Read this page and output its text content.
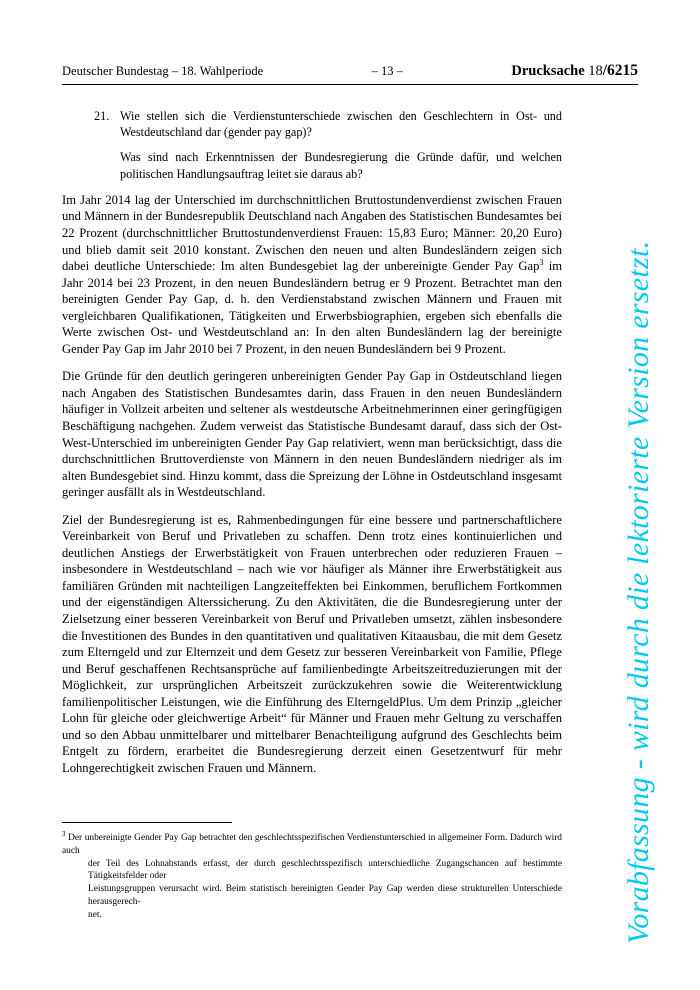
Deutscher Bundestag – 18. Wahlperiode	– 13 –	Drucksache 18/6215
21. Wie stellen sich die Verdienstunterschiede zwischen den Geschlechtern in Ost- und Westdeutschland dar (gender pay gap)?
Was sind nach Erkenntnissen der Bundesregierung die Gründe dafür, und welchen politischen Handlungsauftrag leitet sie daraus ab?

Im Jahr 2014 lag der Unterschied im durchschnittlichen Bruttostundenverdienst zwischen Frauen und Männern in der Bundesrepublik Deutschland nach Angaben des Statistischen Bundesamtes bei 22 Prozent (durchschnittlicher Bruttostundenverdienst Frauen: 15,83 Euro; Männer: 20,20 Euro) und blieb damit seit 2010 konstant. Zwischen den neuen und alten Bundesländern zeigen sich dabei deutliche Unterschiede: Im alten Bundesgebiet lag der unbereinigte Gender Pay Gap$^3$ im Jahr 2014 bei 23 Prozent, in den neuen Bundesländern betrug er 9 Prozent. Betrachtet man den bereinigten Gender Pay Gap, d. h. den Verdienstabstand zwischen Männern und Frauen mit vergleichbaren Qualifikationen, Tätigkeiten und Erwerbsbiographien, ergeben sich ebenfalls die Werte zwischen Ost- und Westdeutschland an: In den alten Bundesländern lag der bereinigte Gender Pay Gap im Jahr 2010 bei 7 Prozent, in den neuen Bundesländern bei 9 Prozent.

Die Gründe für den deutlich geringeren unbereinigten Gender Pay Gap in Ostdeutschland liegen nach Angaben des Statistischen Bundesamtes darin, dass Frauen in den neuen Bundesländern häufiger in Vollzeit arbeiten und seltener als westdeutsche Arbeitnehmerinnen einer geringfügigen Beschäftigung nachgehen. Zudem verweist das Statistische Bundesamt darauf, dass sich der Ost-West-Unterschied im unbereinigten Gender Pay Gap relativiert, wenn man berücksichtigt, dass die durchschnittlichen Bruttoverdienste von Männern in den neuen Bundesländern niedriger als im alten Bundesgebiet sind. Hinzu kommt, dass die Spreizung der Löhne in Ostdeutschland insgesamt geringer ausfällt als in Westdeutschland.

Ziel der Bundesregierung ist es, Rahmenbedingungen für eine bessere und partnerschaftlichere Vereinbarkeit von Beruf und Privatleben zu schaffen. Denn trotz eines kontinuierlichen und deutlichen Anstiegs der Erwerbstätigkeit von Frauen unterbrechen oder reduzieren Frauen – insbesondere in Westdeutschland – nach wie vor häufiger als Männer ihre Erwerbstätigkeit aus familiären Gründen mit nachteiligen Langzeiteffekten bei Einkommen, beruflichem Fortkommen und der eigenständigen Alterssicherung. Zu den Aktivitäten, die die Bundesregierung unter der Zielsetzung einer besseren Vereinbarkeit von Beruf und Privatleben umsetzt, zählen insbesondere die Investitionen des Bundes in den quantitativen und qualitativen Kitaausbau, die mit dem Gesetz zum Elterngeld und zur Elternzeit und dem Gesetz zur besseren Vereinbarkeit von Familie, Pflege und Beruf geschaffenen Rechtsansprüche auf familienbedingte Arbeitszeitreduzierungen mit der Möglichkeit, zur ursprünglichen Arbeitszeit zurückzukehren sowie die Weiterentwicklung familienpolitischer Leistungen, wie die Einführung des ElterngeldPlus. Um dem Prinzip „gleicher Lohn für gleiche oder gleichwertige Arbeit“ für Männer und Frauen mehr Geltung zu verschaffen und so den Abbau unmittelbarer und mittelbarer Benachteiligung aufgrund des Geschlechts beim Entgelt zu fördern, erarbeitet die Bundesregierung derzeit einen Gesetzentwurf für mehr Lohngerechtigkeit zwischen Frauen und Männern.

$^3$ Der unbereinigte Gender Pay Gap betrachtet den geschlechtsspezifischen Verdienstunterschied in allgemeiner Form. Dadurch wird auch
der Teil des Lohnabstands erfasst, der durch geschlechtsspezifisch unterschiedliche Zugangschancen auf bestimmte Tätigkeitsfelder oder
Leistungsgruppen verursacht wird. Beim statistisch bereinigten Gender Pay Gap werden diese strukturellen Unterschiede herausgerech-
net.	Vorabfassung - wird durch die lektorierte Version ersetzt.
